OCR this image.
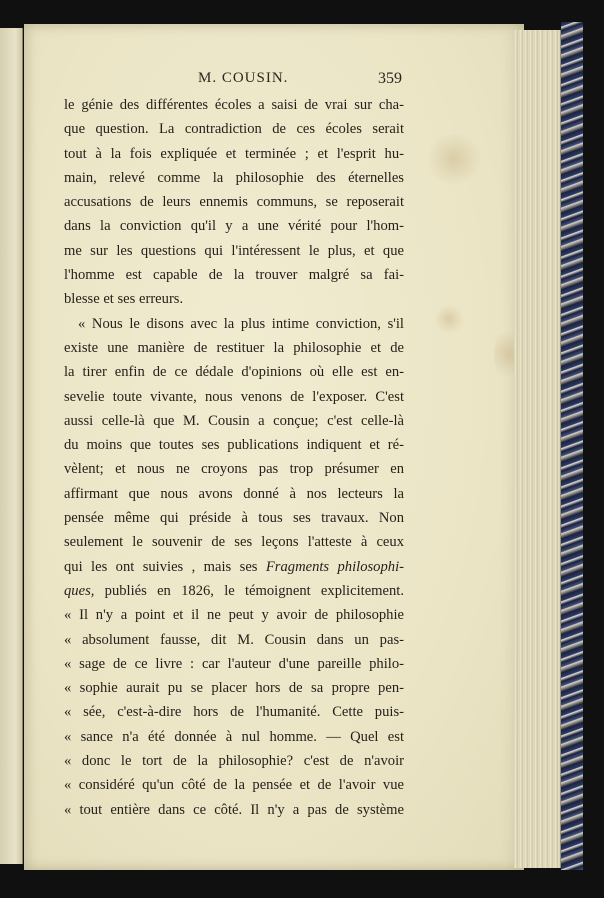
M. COUSIN.	359
le génie des différentes écoles a saisi de vrai sur cha-
que question. La contradiction de ces écoles serait
tout à la fois expliquée et terminée ; et l'esprit hu-
main, relevé comme la philosophie des éternelles
accusations de leurs ennemis communs, se reposerait
dans la conviction qu'il y a une vérité pour l'hom-
me sur les questions qui l'intéressent le plus, et que
l'homme est capable de la trouver malgré sa fai-
blesse et ses erreurs.
« Nous le disons avec la plus intime conviction, s'il
existe une manière de restituer la philosophie et de
la tirer enfin de ce dédale d'opinions où elle est en-
sevelie toute vivante, nous venons de l'exposer. C'est
aussi celle-là que M. Cousin a conçue; c'est celle-là
du moins que toutes ses publications indiquent et ré-
vèlent; et nous ne croyons pas trop présumer en
affirmant que nous avons donné à nos lecteurs la
pensée même qui préside à tous ses travaux. Non
seulement le souvenir de ses leçons l'atteste à ceux
qui les ont suivies , mais ses Fragments philosophi-
ques, publiés en 1826, le témoignent explicitement.
« Il n'y a point et il ne peut y avoir de philosophie
« absolument fausse, dit M. Cousin dans un pas-
« sage de ce livre : car l'auteur d'une pareille philo-
« sophie aurait pu se placer hors de sa propre pen-
« sée, c'est-à-dire hors de l'humanité. Cette puis-
« sance n'a été donnée à nul homme. — Quel est
« donc le tort de la philosophie? c'est de n'avoir
« considéré qu'un côté de la pensée et de l'avoir vue
« tout entière dans ce côté. Il n'y a pas de système
